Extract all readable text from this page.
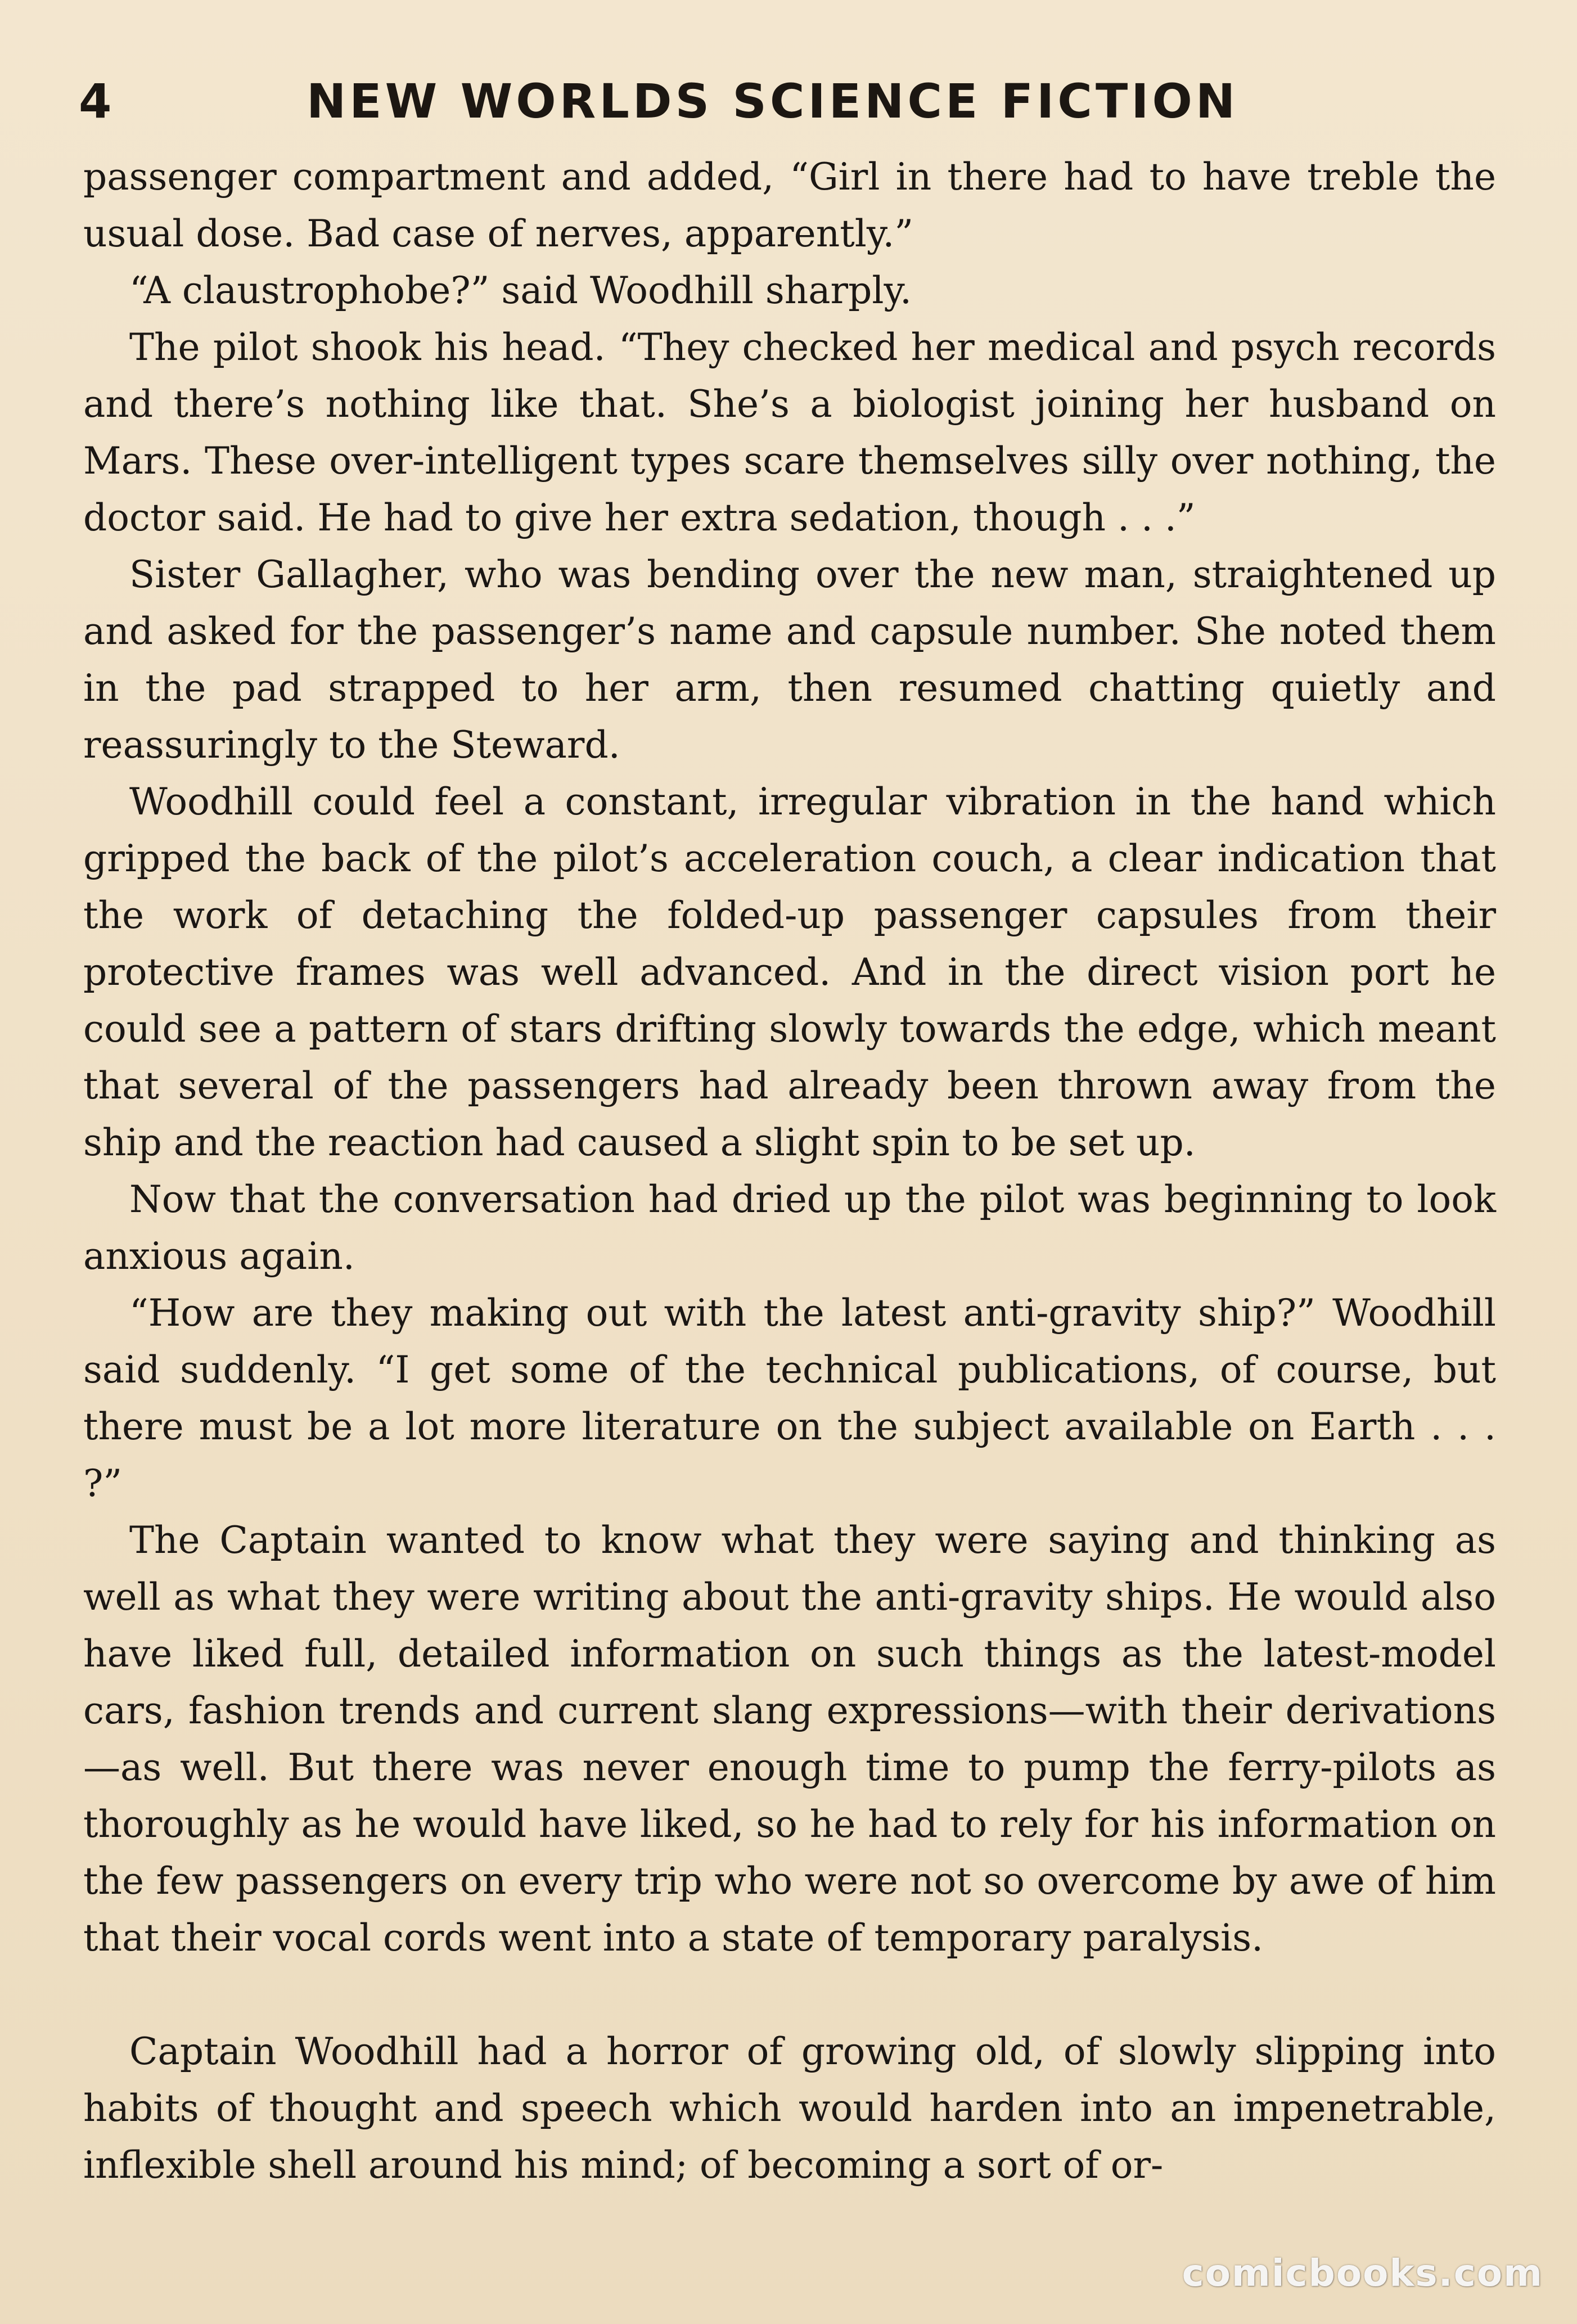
4	NEW WORLDS SCIENCE FICTION

passenger compartment and added, “Girl in there had to have treble the usual dose. Bad case of nerves, apparently.”

“A claustrophobe?” said Woodhill sharply.

The pilot shook his head. “They checked her medical and psych records and there’s nothing like that. She’s a biologist joining her husband on Mars. These over-intelligent types scare themselves silly over nothing, the doctor said. He had to give her extra sedation, though . . .”

Sister Gallagher, who was bending over the new man, straightened up and asked for the passenger’s name and capsule number. She noted them in the pad strapped to her arm, then resumed chatting quietly and reassuringly to the Steward.

Woodhill could feel a constant, irregular vibration in the hand which gripped the back of the pilot’s acceleration couch, a clear indication that the work of detaching the folded-up passenger capsules from their protective frames was well advanced. And in the direct vision port he could see a pattern of stars drifting slowly towards the edge, which meant that several of the passengers had already been thrown away from the ship and the reaction had caused a slight spin to be set up.

Now that the conversation had dried up the pilot was beginning to look anxious again.

“How are they making out with the latest anti-gravity ship?” Woodhill said suddenly. “I get some of the technical publications, of course, but there must be a lot more literature on the subject available on Earth . . . ?”

The Captain wanted to know what they were saying and thinking as well as what they were writing about the anti-gravity ships. He would also have liked full, detailed information on such things as the latest-model cars, fashion trends and current slang expressions—with their derivations—as well. But there was never enough time to pump the ferry-pilots as thoroughly as he would have liked, so he had to rely for his information on the few passengers on every trip who were not so overcome by awe of him that their vocal cords went into a state of temporary paralysis.

Captain Woodhill had a horror of growing old, of slowly slipping into habits of thought and speech which would harden into an impenetrable, inflexible shell around his mind; of becoming a sort of or-

comicbooks.com
